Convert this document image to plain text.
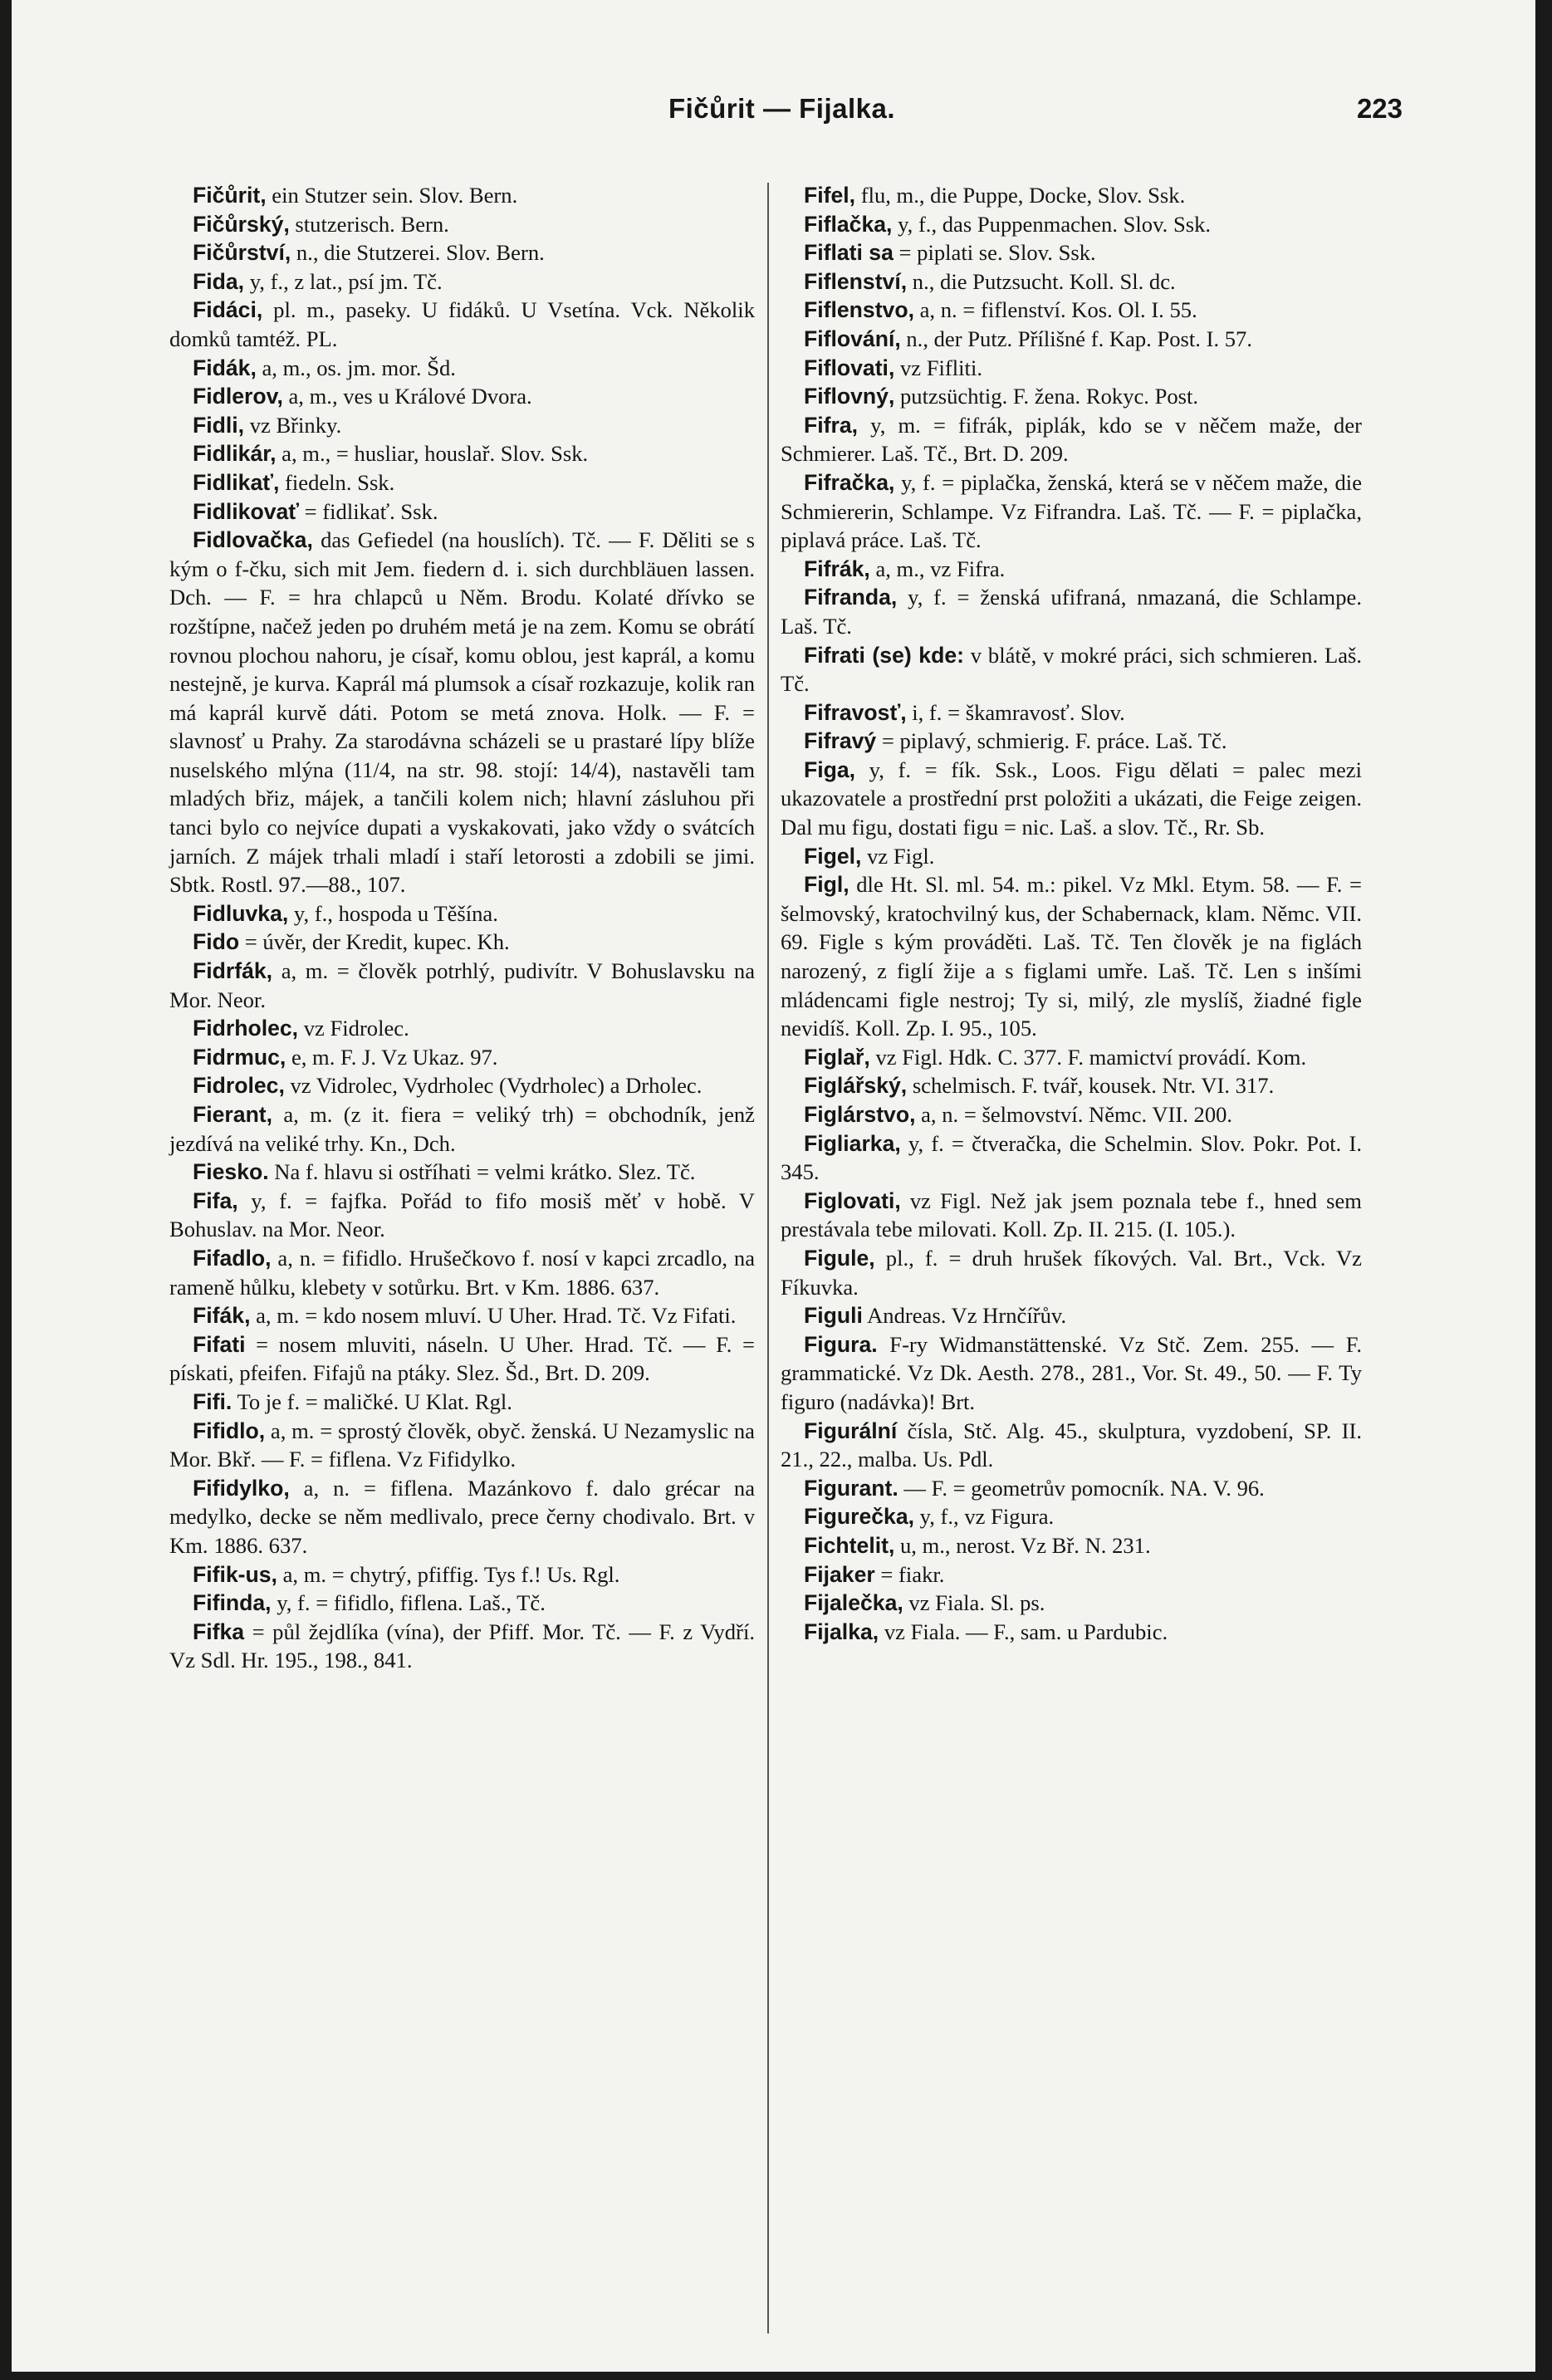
Fičůrit — Fijalka.	223

Fičůrit, ein Stutzer sein. Slov. Bern.

Fičůrský, stutzerisch. Bern.

Fičůrství, n., die Stutzerei. Slov. Bern.

Fida, y, f., z lat., psí jm. Tč.

Fidáci, pl. m., paseky. U fidáků. U Vsetína. Vck. Několik domků tamtéž. PL.

Fidák, a, m., os. jm. mor. Šd.

Fidlerov, a, m., ves u Králové Dvora.

Fidli, vz Břinky.

Fidlikár, a, m., = husliar, houslař. Slov. Ssk.

Fidlikať, fiedeln. Ssk.

Fidlikovať = fidlikať. Ssk.

Fidlovačka, das Gefiedel (na houslích). Tč. — F. Děliti se s kým o f-čku, sich mit Jem. fiedern d. i. sich durchbläuen lassen. Dch. — F. = hra chlapců u Něm. Brodu. Kolaté dřívko se rozštípne, načež jeden po druhém metá je na zem. Komu se obrátí rovnou plochou nahoru, je císař, komu oblou, jest kaprál, a komu nestejně, je kurva. Kaprál má plumsok a císař rozkazuje, kolik ran má kaprál kurvě dáti. Potom se metá znova. Holk. — F. = slavnosť u Prahy. Za starodávna scházeli se u prastaré lípy blíže nuselského mlýna (11/4, na str. 98. stojí: 14/4), nastavěli tam mladých břiz, májek, a tančili kolem nich; hlavní zásluhou při tanci bylo co nejvíce dupati a vyskakovati, jako vždy o svátcích jarních. Z májek trhali mladí i staří letorosti a zdobili se jimi. Sbtk. Rostl. 97.—88., 107.

Fidluvka, y, f., hospoda u Těšína.

Fido = úvěr, der Kredit, kupec. Kh.

Fidrfák, a, m. = člověk potrhlý, pudivítr. V Bohuslavsku na Mor. Neor.

Fidrholec, vz Fidrolec.

Fidrmuc, e, m. F. J. Vz Ukaz. 97.

Fidrolec, vz Vidrolec, Vydrholec (Vydrholec) a Drholec.

Fierant, a, m. (z it. fiera = veliký trh) = obchodník, jenž jezdívá na veliké trhy. Kn., Dch.

Fiesko. Na f. hlavu si ostříhati = velmi krátko. Slez. Tč.

Fifa, y, f. = fajfka. Pořád to fifo mosiš měť v hobě. V Bohuslav. na Mor. Neor.

Fifadlo, a, n. = fifidlo. Hrušečkovo f. nosí v kapci zrcadlo, na rameně hůlku, klebety v sotůrku. Brt. v Km. 1886. 637.

Fifák, a, m. = kdo nosem mluví. U Uher. Hrad. Tč. Vz Fifati.

Fifati = nosem mluviti, náseln. U Uher. Hrad. Tč. — F. = pískati, pfeifen. Fifajů na ptáky. Slez. Šd., Brt. D. 209.

Fifi. To je f. = maličké. U Klat. Rgl.

Fifidlo, a, m. = sprostý člověk, obyč. ženská. U Nezamyslic na Mor. Bkř. — F. = fiflena. Vz Fifidylko.

Fifidylko, a, n. = fiflena. Mazánkovo f. dalo grécar na medylko, decke se něm medlivalo, prece černy chodivalo. Brt. v Km. 1886. 637.

Fifik-us, a, m. = chytrý, pfiffig. Tys f.! Us. Rgl.

Fifinda, y, f. = fifidlo, fiflena. Laš., Tč.

Fifka = půl žejdlíka (vína), der Pfiff. Mor. Tč. — F. z Vydří. Vz Sdl. Hr. 195., 198., 841.

Fifel, flu, m., die Puppe, Docke, Slov. Ssk.

Fiflačka, y, f., das Puppenmachen. Slov. Ssk.

Fiflati sa = piplati se. Slov. Ssk.

Fiflenství, n., die Putzsucht. Koll. Sl. dc.

Fiflenstvo, a, n. = fiflenství. Kos. Ol. I. 55.

Fiflování, n., der Putz. Přílišné f. Kap. Post. I. 57.

Fiflovati, vz Fifliti.

Fiflovný, putzsüchtig. F. žena. Rokyc. Post.

Fifra, y, m. = fifrák, piplák, kdo se v něčem maže, der Schmierer. Laš. Tč., Brt. D. 209.

Fifračka, y, f. = piplačka, ženská, která se v něčem maže, die Schmiererin, Schlampe. Vz Fifrandra. Laš. Tč. — F. = piplačka, piplavá práce. Laš. Tč.

Fifrák, a, m., vz Fifra.

Fifranda, y, f. = ženská ufifraná, nmazaná, die Schlampe. Laš. Tč.

Fifrati (se) kde: v blátě, v mokré práci, sich schmieren. Laš. Tč.

Fifravosť, i, f. = škamravosť. Slov.

Fifravý = piplavý, schmierig. F. práce. Laš. Tč.

Figa, y, f. = fík. Ssk., Loos. Figu dělati = palec mezi ukazovatele a prostřední prst položiti a ukázati, die Feige zeigen. Dal mu figu, dostati figu = nic. Laš. a slov. Tč., Rr. Sb.

Figel, vz Figl.

Figl, dle Ht. Sl. ml. 54. m.: pikel. Vz Mkl. Etym. 58. — F. = šelmovský, kratochvilný kus, der Schabernack, klam. Němc. VII. 69. Figle s kým prováděti. Laš. Tč. Ten člověk je na figlách narozený, z figlí žije a s figlami umře. Laš. Tč. Len s inšími mládencami figle nestroj; Ty si, milý, zle myslíš, žiadné figle nevidíš. Koll. Zp. I. 95., 105.

Figlař, vz Figl. Hdk. C. 377. F. mamictví provádí. Kom.

Figlářský, schelmisch. F. tvář, kousek. Ntr. VI. 317.

Figlárstvo, a, n. = šelmovství. Němc. VII. 200.

Figliarka, y, f. = čtveračka, die Schelmin. Slov. Pokr. Pot. I. 345.

Figlovati, vz Figl. Než jak jsem poznala tebe f., hned sem prestávala tebe milovati. Koll. Zp. II. 215. (I. 105.).

Figule, pl., f. = druh hrušek fíkových. Val. Brt., Vck. Vz Fíkuvka.

Figuli Andreas. Vz Hrnčířův.

Figura. F-ry Widmanstättenské. Vz Stč. Zem. 255. — F. grammatické. Vz Dk. Aesth. 278., 281., Vor. St. 49., 50. — F. Ty figuro (nadávka)! Brt.

Figurální čísla, Stč. Alg. 45., skulptura, vyzdobení, SP. II. 21., 22., malba. Us. Pdl.

Figurant. — F. = geometrův pomocník. NA. V. 96.

Figurečka, y, f., vz Figura.

Fichtelit, u, m., nerost. Vz Bř. N. 231.

Fijaker = fiakr.

Fijalečka, vz Fiala. Sl. ps.

Fijalka, vz Fiala. — F., sam. u Pardubic.
